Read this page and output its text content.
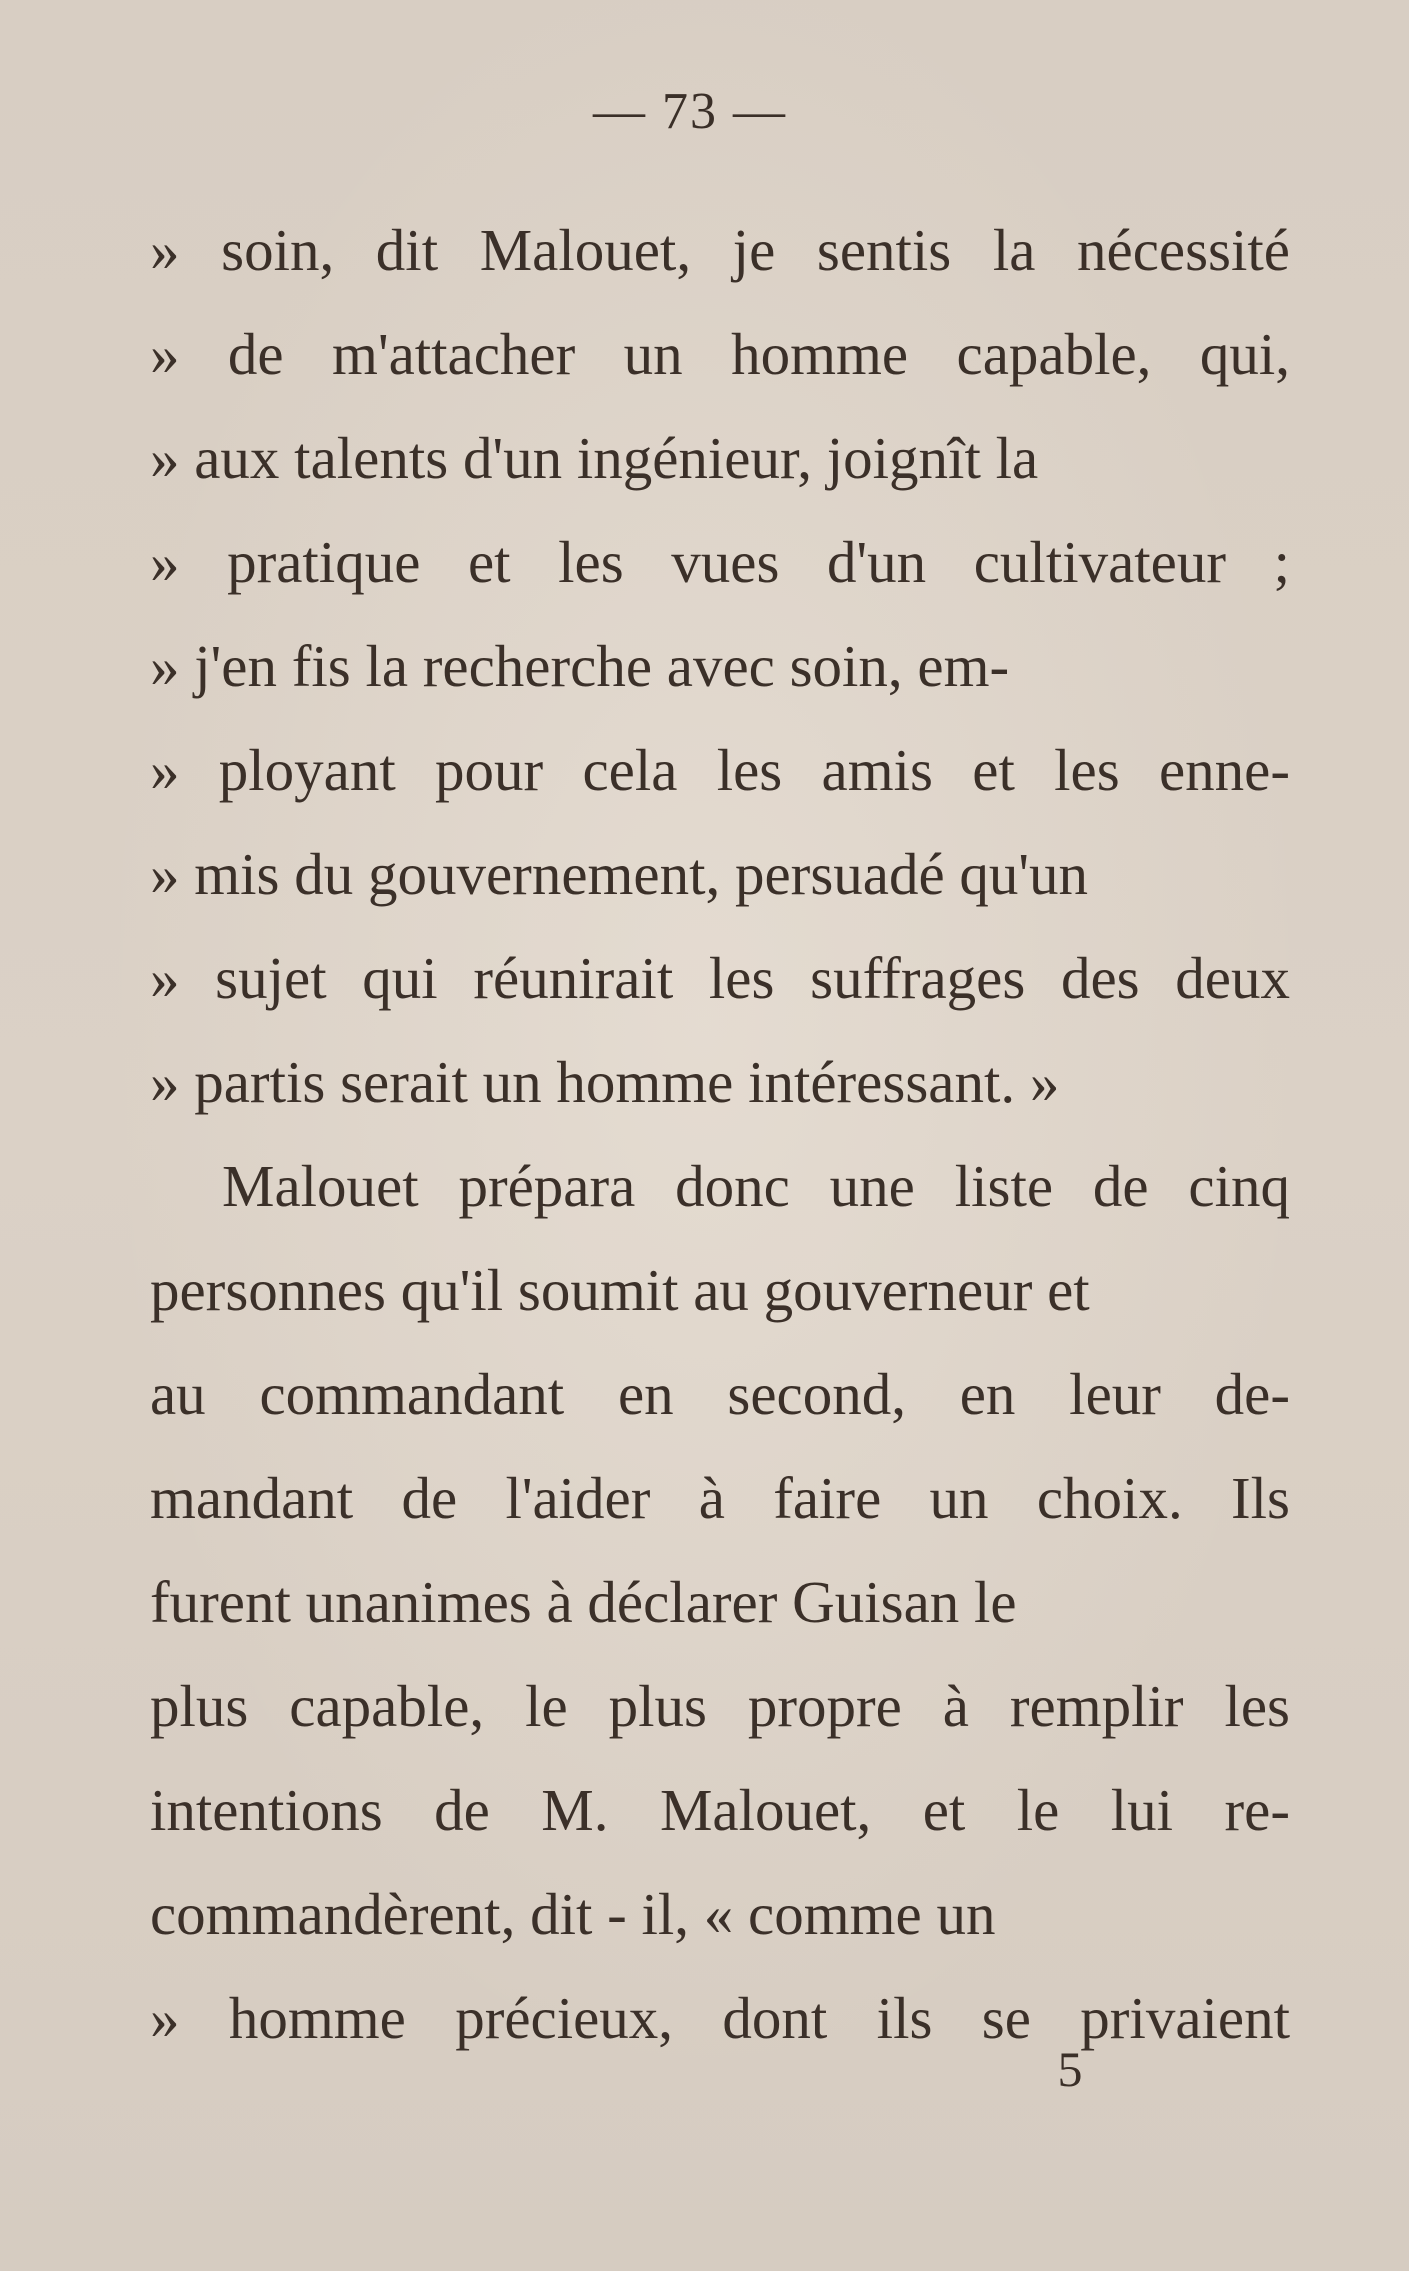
— 73 —
» soin, dit Malouet, je sentis la nécessité
» de m'attacher un homme capable, qui,
» aux talents d'un ingénieur, joignît la
» pratique et les vues d'un cultivateur ;
» j'en fis la recherche avec soin, em-
» ployant pour cela les amis et les enne-
» mis du gouvernement, persuadé qu'un
» sujet qui réunirait les suffrages des deux
» partis serait un homme intéressant. »
Malouet prépara donc une liste de cinq
personnes qu'il soumit au gouverneur et
au commandant en second, en leur de-
mandant de l'aider à faire un choix. Ils
furent unanimes à déclarer Guisan le
plus capable, le plus propre à remplir les
intentions de M. Malouet, et le lui re-
commandèrent, dit - il, « comme un
» homme précieux, dont ils se privaient
5
